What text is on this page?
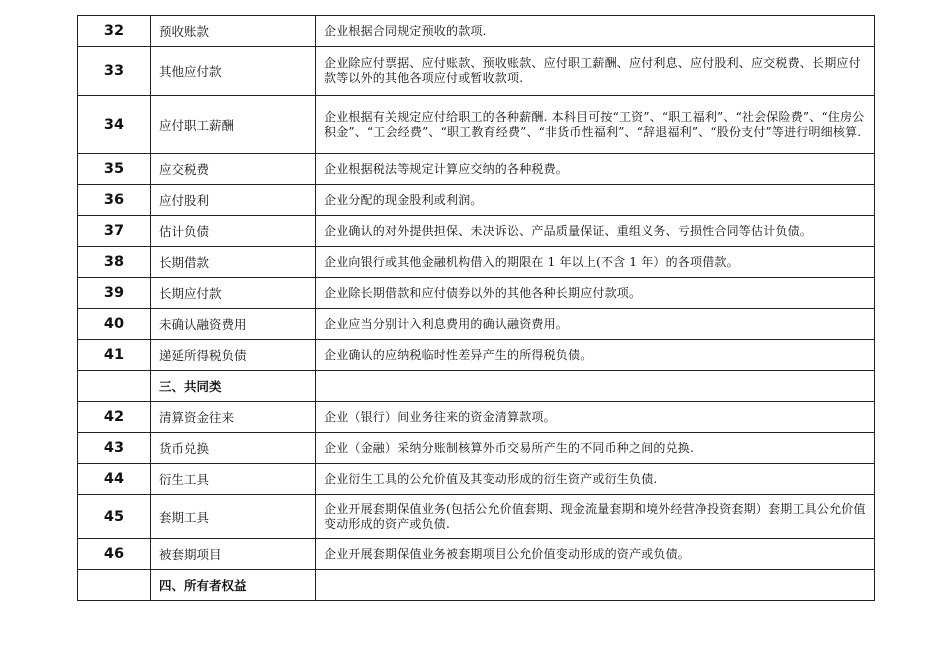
32	预收账款	企业根据合同规定预收的款项.
33	其他应付款	企业除应付票据、应付账款、预收账款、应付职工薪酬、应付利息、应付股利、应交税费、长期应付款等以外的其他各项应付或暂收款项.
34	应付职工薪酬	企业根据有关规定应付给职工的各种薪酬. 本科目可按“工资”、“职工福利”、“社会保险费”、“住房公积金”、“工会经费”、“职工教育经费”、“非货币性福利”、“辞退福利”、“股份支付”等进行明细核算.
35	应交税费	企业根据税法等规定计算应交纳的各种税费。
36	应付股利	企业分配的现金股利或利润。
37	估计负债	企业确认的对外提供担保、未决诉讼、产品质量保证、重组义务、亏损性合同等估计负债。
38	长期借款	企业向银行或其他金融机构借入的期限在 1 年以上(不含 1 年）的各项借款。
39	长期应付款	企业除长期借款和应付债券以外的其他各种长期应付款项。
40	未确认融资费用	企业应当分别计入利息费用的确认融资费用。
41	递延所得税负债	企业确认的应纳税临时性差异产生的所得税负债。
	三、共同类	
42	清算资金往来	企业（银行）间业务往来的资金清算款项。
43	货币兑换	企业（金融）采纳分账制核算外币交易所产生的不同币种之间的兑换.
44	衍生工具	企业衍生工具的公允价值及其变动形成的衍生资产或衍生负债.
45	套期工具	企业开展套期保值业务(包括公允价值套期、现金流量套期和境外经营净投资套期）套期工具公允价值变动形成的资产或负债.
46	被套期项目	企业开展套期保值业务被套期项目公允价值变动形成的资产或负债。
	四、所有者权益	
